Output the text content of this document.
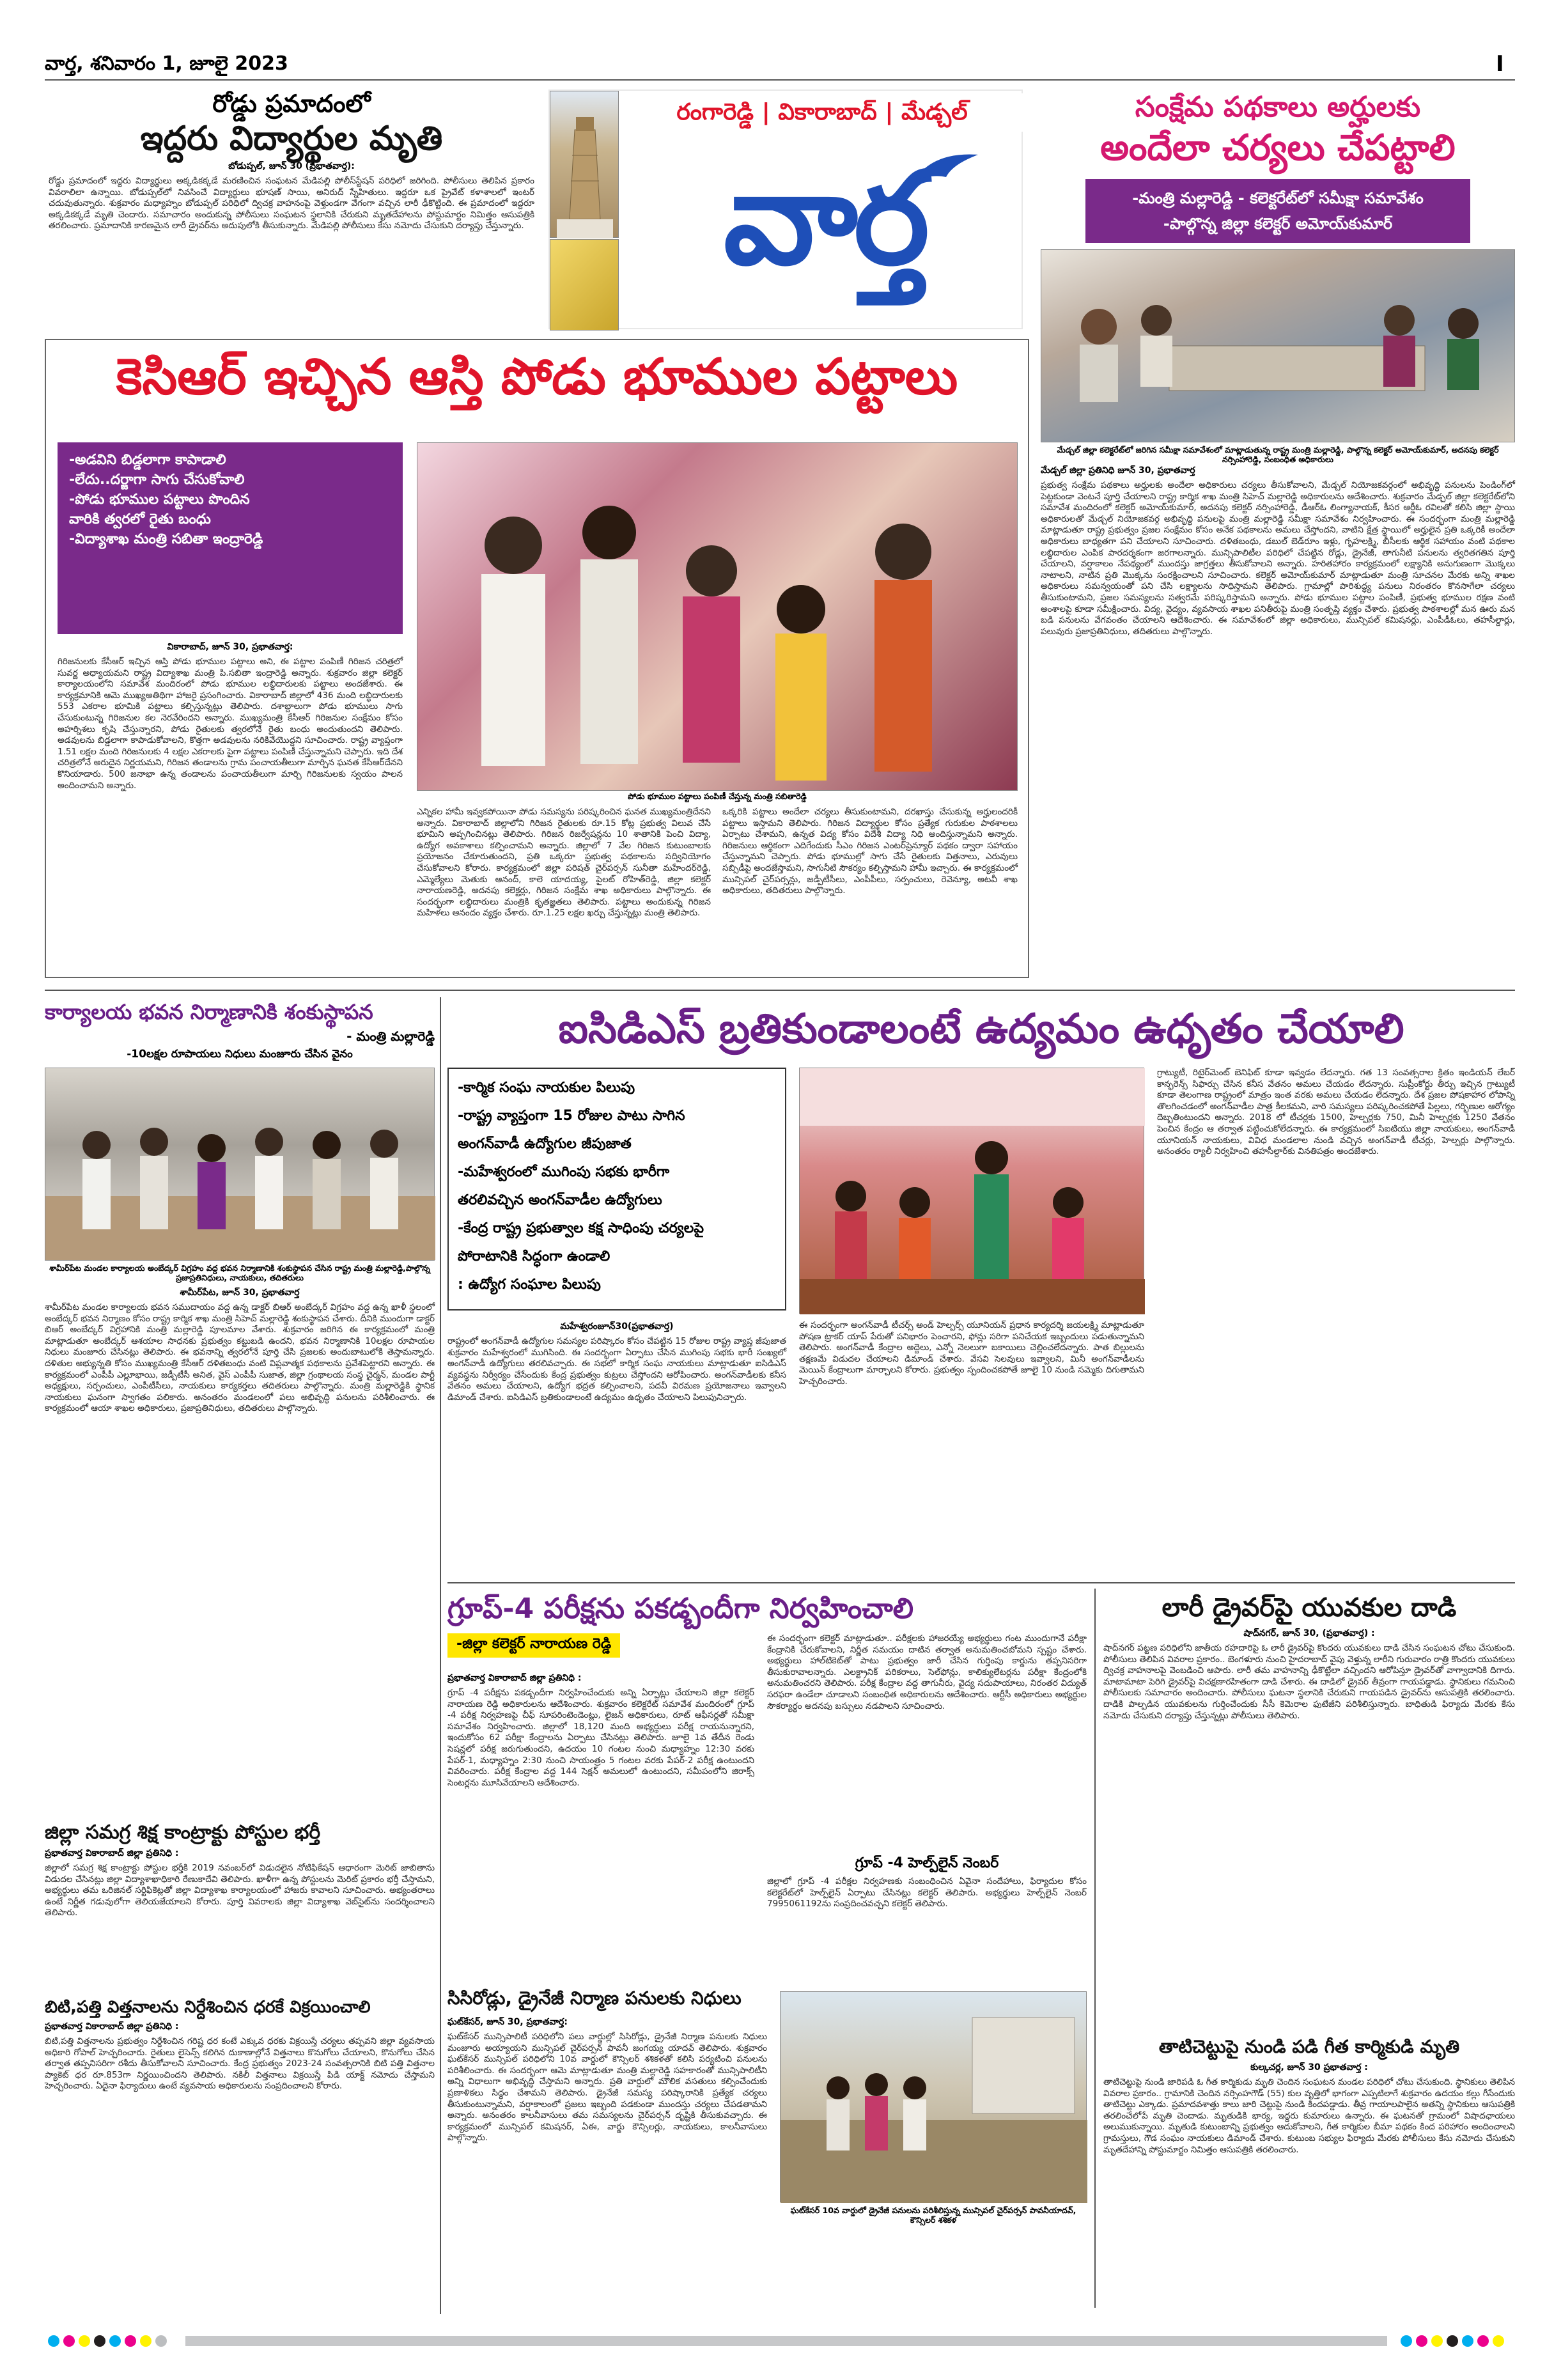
వార్త, శనివారం 1, జూలై 2023	I
రోడ్డు ప్రమాదంలో
ఇద్దరు విద్యార్థుల మృతి
బోడుప్పల్, జూన్ 30 (ప్రభాతవార్త):
రోడ్డు ప్రమాదంలో ఇద్దరు విద్యార్థులు అక్కడికక్కడే మరణించిన సంఘటన మేడిపల్లి పోలీస్‌స్టేషన్ పరిధిలో జరిగింది. పోలీసులు తెలిపిన ప్రకారం వివరాలిలా ఉన్నాయి. బోడుప్పల్‌లో నివసించే విద్యార్థులు భూషణ్ సాయి, అనిరుద్ స్నేహితులు. ఇద్దరూ ఒక ప్రైవేట్ కళాశాలలో ఇంటర్ చదువుతున్నారు. శుక్రవారం మధ్యాహ్నం బోడుప్పల్ పరిధిలో ద్విచక్ర వాహనంపై వెళ్తుండగా వేగంగా వచ్చిన లారీ ఢీకొట్టింది. ఈ ప్రమాదంలో ఇద్దరూ అక్కడికక్కడే మృతి చెందారు. సమాచారం అందుకున్న పోలీసులు సంఘటన స్థలానికి చేరుకుని మృతదేహాలను పోస్టుమార్టం నిమిత్తం ఆసుపత్రికి తరలించారు. ప్రమాదానికి కారణమైన లారీ డ్రైవర్‌ను అదుపులోకి తీసుకున్నారు. మేడిపల్లి పోలీసులు కేసు నమోదు చేసుకుని దర్యాప్తు చేస్తున్నారు.
రంగారెడ్డి | వికారాబాద్ | మేడ్చల్
వార్త
సంక్షేమ పథకాలు అర్హులకు
అందేలా చర్యలు చేపట్టాలి
-మంత్రి మల్లారెడ్డి - కలెక్టరేట్‌లో సమీక్షా సమావేశం
-పాల్గొన్న జిల్లా కలెక్టర్ అమోయ్‌కుమార్
మేడ్చల్ జిల్లా కలెక్టరేట్‌లో జరిగిన సమీక్షా సమావేశంలో మాట్లాడుతున్న రాష్ట్ర మంత్రి మల్లారెడ్డి, పాల్గొన్న కలెక్టర్ అమోయ్‌కుమార్, అదనపు కలెక్టర్ నర్సింహారెడ్డి, సంబంధిత అధికారులు
మేడ్చల్ జిల్లా ప్రతినిధి జూన్ 30, ప్రభాతవార్త
ప్రభుత్వ సంక్షేమ పథకాలు అర్హులకు అందేలా అధికారులు చర్యలు తీసుకోవాలని, మేడ్చల్ నియోజకవర్గంలో అభివృద్ధి పనులను పెండింగ్‌లో పెట్టకుండా వెంటనే పూర్తి చేయాలని రాష్ట్ర కార్మిక శాఖ మంత్రి సిహెచ్ మల్లారెడ్డి అధికారులను ఆదేశించారు. శుక్రవారం మేడ్చల్ జిల్లా కలెక్టరేట్‌లోని సమావేశ మందిరంలో కలెక్టర్ అమోయ్‌కుమార్, అదనపు కలెక్టర్ నర్సింహారెడ్డి, డీఆర్‌ఓ లింగ్యానాయక్, కీసర ఆర్డీఓ రవిలతో కలిసి జిల్లా స్థాయి అధికారులతో మేడ్చల్ నియోజకవర్గ అభివృద్ధి పనులపై మంత్రి మల్లారెడ్డి సమీక్షా సమావేశం నిర్వహించారు. ఈ సందర్భంగా మంత్రి మల్లారెడ్డి మాట్లాడుతూ రాష్ట్ర ప్రభుత్వం ప్రజల సంక్షేమం కోసం అనేక పథకాలను అమలు చేస్తోందని, వాటిని క్షేత్ర స్థాయిలో అర్హులైన ప్రతి ఒక్కరికీ అందేలా అధికారులు బాధ్యతగా పని చేయాలని సూచించారు. దళితబంధు, డబుల్ బెడ్‌రూం ఇళ్లు, గృహలక్ష్మి, బీసీలకు ఆర్థిక సహాయం వంటి పథకాల లబ్ధిదారుల ఎంపిక పారదర్శకంగా జరగాలన్నారు. మున్సిపాలిటీల పరిధిలో చేపట్టిన రోడ్లు, డ్రైనేజీ, తాగునీటి పనులను త్వరితగతిన పూర్తి చేయాలని, వర్షాకాలం నేపథ్యంలో ముందస్తు జాగ్రత్తలు తీసుకోవాలని అన్నారు. హరితహారం కార్యక్రమంలో లక్ష్యానికి అనుగుణంగా మొక్కలు నాటాలని, నాటిన ప్రతి మొక్కను సంరక్షించాలని సూచించారు. కలెక్టర్ అమోయ్‌కుమార్ మాట్లాడుతూ మంత్రి సూచనల మేరకు అన్ని శాఖల అధికారులు సమన్వయంతో పని చేసి లక్ష్యాలను సాధిస్తామని తెలిపారు. గ్రామాల్లో పారిశుద్ధ్య పనులు నిరంతరం కొనసాగేలా చర్యలు తీసుకుంటామని, ప్రజల సమస్యలను సత్వరమే పరిష్కరిస్తామని అన్నారు. పోడు భూముల పట్టాల పంపిణీ, ప్రభుత్వ భూముల రక్షణ వంటి అంశాలపై కూడా సమీక్షించారు. విద్య, వైద్యం, వ్యవసాయ శాఖల పనితీరుపై మంత్రి సంతృప్తి వ్యక్తం చేశారు. ప్రభుత్వ పాఠశాలల్లో మన ఊరు మన బడి పనులను వేగవంతం చేయాలని ఆదేశించారు. ఈ సమావేశంలో జిల్లా అధికారులు, మున్సిపల్ కమిషనర్లు, ఎంపీడీఓలు, తహసీల్దార్లు, పలువురు ప్రజాప్రతినిధులు, తదితరులు పాల్గొన్నారు.
కెసిఆర్ ఇచ్చిన ఆస్తి పోడు భూముల పట్టాలు
-అడవిని బిడ్డలాగా కాపాడాలి
-లేదు..దర్జాగా సాగు చేసుకోవాలి
-పోడు భూముల పట్టాలు పొందిన
వారికి త్వరలో రైతు బంధు
-విద్యాశాఖ మంత్రి సబితా ఇంద్రారెడ్డి
పోడు భూముల పట్టాలు పంపిణీ చేస్తున్న మంత్రి సబితారెడ్డి
వికారాబాద్, జూన్ 30, ప్రభాతవార్త:
గిరిజనులకు కేసీఆర్ ఇచ్చిన ఆస్తి పోడు భూముల పట్టాలు అని, ఈ పట్టాల పంపిణీ గిరిజన చరిత్రలో సువర్ణ అధ్యాయమని రాష్ట్ర విద్యాశాఖ మంత్రి పి.సబితా ఇంద్రారెడ్డి అన్నారు. శుక్రవారం జిల్లా కలెక్టర్ కార్యాలయంలోని సమావేశ మందిరంలో పోడు భూముల లబ్ధిదారులకు పట్టాలు అందజేశారు. ఈ కార్యక్రమానికి ఆమె ముఖ్యఅతిథిగా హాజరై ప్రసంగించారు. వికారాబాద్ జిల్లాలో 436 మంది లబ్ధిదారులకు 553 ఎకరాల భూమికి పట్టాలు కల్పిస్తున్నట్లు తెలిపారు. దశాబ్దాలుగా పోడు భూములు సాగు చేసుకుంటున్న గిరిజనుల కల నెరవేరిందని అన్నారు. ముఖ్యమంత్రి కేసీఆర్ గిరిజనుల సంక్షేమం కోసం అహర్నిశలు కృషి చేస్తున్నారని, పోడు రైతులకు త్వరలోనే రైతు బంధు అందుతుందని తెలిపారు. అడవులను బిడ్డలాగా కాపాడుకోవాలని, కొత్తగా అడవులను నరికివేయొద్దని సూచించారు. రాష్ట్ర వ్యాప్తంగా 1.51 లక్షల మంది గిరిజనులకు 4 లక్షల ఎకరాలకు పైగా పట్టాలు పంపిణీ చేస్తున్నామని చెప్పారు. ఇది దేశ చరిత్రలోనే అరుదైన నిర్ణయమని, గిరిజన తండాలను గ్రామ పంచాయతీలుగా మార్చిన ఘనత కేసీఆర్‌దేనని కొనియాడారు. 500 జనాభా ఉన్న తండాలను పంచాయతీలుగా మార్చి గిరిజనులకు స్వయం పాలన అందించామని అన్నారు.
ఎన్నికల హామీ ఇవ్వకపోయినా పోడు సమస్యను పరిష్కరించిన ఘనత ముఖ్యమంత్రిదేనని అన్నారు. వికారాబాద్ జిల్లాలోని గిరిజన రైతులకు రూ.15 కోట్ల ప్రభుత్వ విలువ చేసే భూమిని అప్పగించినట్లు తెలిపారు. గిరిజన రిజర్వేషన్లను 10 శాతానికి పెంచి విద్యా, ఉద్యోగ అవకాశాలు కల్పించామని అన్నారు. జిల్లాలో 7 వేల గిరిజన కుటుంబాలకు ప్రయోజనం చేకూరుతుందని, ప్రతి ఒక్కరూ ప్రభుత్వ పథకాలను సద్వినియోగం చేసుకోవాలని కోరారు. కార్యక్రమంలో జిల్లా పరిషత్ చైర్‌పర్సన్ సునీతా మహేందర్‌రెడ్డి, ఎమ్మెల్యేలు మెతుకు ఆనంద్, కాలె యాదయ్య, పైలట్ రోహిత్‌రెడ్డి, జిల్లా కలెక్టర్ నారాయణరెడ్డి, అదనపు కలెక్టర్లు, గిరిజన సంక్షేమ శాఖ అధికారులు పాల్గొన్నారు. ఈ సందర్భంగా లబ్ధిదారులు మంత్రికి కృతజ్ఞతలు తెలిపారు. పట్టాలు అందుకున్న గిరిజన మహిళలు ఆనందం వ్యక్తం చేశారు. రూ.1.25 లక్షల ఖర్చు చేస్తున్నట్లు మంత్రి తెలిపారు.
ఒక్కరికి పట్టాలు అందేలా చర్యలు తీసుకుంటామని, దరఖాస్తు చేసుకున్న అర్హులందరికీ పట్టాలు ఇస్తామని తెలిపారు. గిరిజన విద్యార్థుల కోసం ప్రత్యేక గురుకుల పాఠశాలలు ఏర్పాటు చేశామని, ఉన్నత విద్య కోసం విదేశీ విద్యా నిధి అందిస్తున్నామని అన్నారు. గిరిజనులు ఆర్థికంగా ఎదిగేందుకు సీఎం గిరిజన ఎంటర్‌ప్రెన్యూర్ పథకం ద్వారా సహాయం చేస్తున్నామని చెప్పారు. పోడు భూముల్లో సాగు చేసే రైతులకు విత్తనాలు, ఎరువులు సబ్సిడీపై అందజేస్తామని, సాగునీటి సౌకర్యం కల్పిస్తామని హామీ ఇచ్చారు. ఈ కార్యక్రమంలో మున్సిపల్ చైర్‌పర్సన్లు, జడ్పీటీసీలు, ఎంపీపీలు, సర్పంచులు, రెవెన్యూ, అటవీ శాఖ అధికారులు, తదితరులు పాల్గొన్నారు.
కార్యాలయ భవన నిర్మాణానికి శంకుస్థాపన
- మంత్రి మల్లారెడ్డి
-10లక్షల రూపాయలు నిధులు మంజూరు చేసిన వైనం
శామీర్‌పేట మండల కార్యాలయ అంబేద్కర్ విగ్రహం వద్ద భవన నిర్మాణానికి శంకుస్థాపన చేసిన రాష్ట్ర మంత్రి మల్లారెడ్డి,పాల్గొన్న ప్రజాప్రతినిధులు, నాయకులు, తదితరులు
శామీర్‌పేట, జూన్ 30, ప్రభాతవార్త
శామీర్‌పేట మండల కార్యాలయ భవన సముదాయం వద్ద ఉన్న డాక్టర్ బిఆర్ అంబేద్కర్ విగ్రహం వద్ద ఉన్న ఖాళీ స్థలంలో అంబేద్కర్ భవన నిర్మాణం కోసం రాష్ట్ర కార్మిక శాఖ మంత్రి సిహెచ్ మల్లారెడ్డి శంకుస్థాపన చేశారు. దీనికి ముందుగా డాక్టర్ బిఆర్ అంబేద్కర్ విగ్రహానికి మంత్రి మల్లారెడ్డి పూలమాల వేశారు. శుక్రవారం జరిగిన ఈ కార్యక్రమంలో మంత్రి మాట్లాడుతూ అంబేద్కర్ ఆశయాల సాధనకు ప్రభుత్వం కట్టుబడి ఉందని, భవన నిర్మాణానికి 10లక్షల రూపాయల నిధులు మంజూరు చేసినట్లు తెలిపారు. ఈ భవనాన్ని త్వరలోనే పూర్తి చేసి ప్రజలకు అందుబాటులోకి తెస్తామన్నారు. దళితుల అభ్యున్నతి కోసం ముఖ్యమంత్రి కేసీఆర్ దళితబంధు వంటి విప్లవాత్మక పథకాలను ప్రవేశపెట్టారని అన్నారు. ఈ కార్యక్రమంలో ఎంపీపీ ఎల్లూభాయి, జడ్పీటీసీ అనిత, వైస్ ఎంపీపీ సుజాత, జిల్లా గ్రంథాలయ సంస్థ చైర్మన్, మండల పార్టీ అధ్యక్షులు, సర్పంచులు, ఎంపీటీసీలు, నాయకులు కార్యకర్తలు తదితరులు పాల్గొన్నారు. మంత్రి మల్లారెడ్డికి స్థానిక నాయకులు ఘనంగా స్వాగతం పలికారు. అనంతరం మండలంలో పలు అభివృద్ధి పనులను పరిశీలించారు. ఈ కార్యక్రమంలో ఆయా శాఖల అధికారులు, ప్రజాప్రతినిధులు, తదితరులు పాల్గొన్నారు.
జిల్లా సమగ్ర శిక్ష కాంట్రాక్టు పోస్టుల భర్తీ
ప్రభాతవార్త వికారాబాద్ జిల్లా ప్రతినిధి :
జిల్లాలో సమగ్ర శిక్ష కాంట్రాక్టు పోస్టుల భర్తీకి 2019 నవంబర్‌లో విడుదలైన నోటిఫికేషన్ ఆధారంగా మెరిట్ జాబితాను విడుదల చేసినట్లు జిల్లా విద్యాశాఖాధికారి రేణుకాదేవి తెలిపారు. ఖాళీగా ఉన్న పోస్టులను మెరిట్ ప్రకారం భర్తీ చేస్తామని, అభ్యర్థులు తమ ఒరిజినల్ సర్టిఫికెట్లతో జిల్లా విద్యాశాఖ కార్యాలయంలో హాజరు కావాలని సూచించారు. అభ్యంతరాలు ఉంటే నిర్ణీత గడువులోగా తెలియజేయాలని కోరారు. పూర్తి వివరాలకు జిల్లా విద్యాశాఖ వెబ్‌సైట్‌ను సందర్శించాలని తెలిపారు.
బిటి,పత్తి విత్తనాలను నిర్దేశించిన ధరకే విక్రయించాలి
ప్రభాతవార్త వికారాబాద్ జిల్లా ప్రతినిధి :
బిటి,పత్తి విత్తనాలను ప్రభుత్వం నిర్దేశించిన గరిష్ట ధర కంటే ఎక్కువ ధరకు విక్రయిస్తే చర్యలు తప్పవని జిల్లా వ్యవసాయ అధికారి గోపాల్ హెచ్చరించారు. రైతులు లైసెన్స్ కలిగిన దుకాణాల్లోనే విత్తనాలు కొనుగోలు చేయాలని, కొనుగోలు చేసిన తర్వాత తప్పనిసరిగా రశీదు తీసుకోవాలని సూచించారు. కేంద్ర ప్రభుత్వం 2023-24 సంవత్సరానికి బిటి పత్తి విత్తనాల ప్యాకెట్ ధర రూ.853గా నిర్ణయించిందని తెలిపారు. నకిలీ విత్తనాలు విక్రయిస్తే పిడి యాక్ట్ నమోదు చేస్తామని హెచ్చరించారు. ఏదైనా ఫిర్యాదులు ఉంటే వ్యవసాయ అధికారులను సంప్రదించాలని కోరారు.
ఐసిడిఎస్ బ్రతికుండాలంటే ఉద్యమం ఉధృతం చేయాలి
-కార్మిక సంఘ నాయకుల పిలుపు
-రాష్ట్ర వ్యాప్తంగా 15 రోజుల పాటు సాగిన
అంగన్‌వాడీ ఉద్యోగుల జీపుజాత
-మహేశ్వరంలో ముగింపు సభకు భారీగా
తరలివచ్చిన అంగన్‌వాడీల ఉద్యోగులు
-కేంద్ర రాష్ట్ర ప్రభుత్వాల కక్ష సాధింపు చర్యలపై
పోరాటానికి సిద్ధంగా ఉండాలి
: ఉద్యోగ సంఘాల పిలుపు
మహేశ్వరంజూన్30(ప్రభాతవార్త)
రాష్ట్రంలో అంగన్‌వాడీ ఉద్యోగుల సమస్యల పరిష్కారం కోసం చేపట్టిన 15 రోజుల రాష్ట్ర వ్యాప్త జీపుజాత శుక్రవారం మహేశ్వరంలో ముగిసింది. ఈ సందర్భంగా ఏర్పాటు చేసిన ముగింపు సభకు భారీ సంఖ్యలో అంగన్‌వాడీ ఉద్యోగులు తరలివచ్చారు. ఈ సభలో కార్మిక సంఘ నాయకులు మాట్లాడుతూ ఐసిడిఎస్ వ్యవస్థను నిర్వీర్యం చేసేందుకు కేంద్ర ప్రభుత్వం కుట్రలు చేస్తోందని ఆరోపించారు. అంగన్‌వాడీలకు కనీస వేతనం అమలు చేయాలని, ఉద్యోగ భద్రత కల్పించాలని, పదవీ విరమణ ప్రయోజనాలు ఇవ్వాలని డిమాండ్ చేశారు. ఐసిడిఎస్ బ్రతికుండాలంటే ఉద్యమం ఉధృతం చేయాలని పిలుపునిచ్చారు.
ఈ సందర్భంగా అంగన్‌వాడీ టీచర్స్ అండ్ హెల్పర్స్ యూనియన్ ప్రధాన కార్యదర్శి జయలక్ష్మి మాట్లాడుతూ పోషణ ట్రాకర్ యాప్ పేరుతో పనిభారం పెంచారని, ఫోన్లు సరిగా పనిచేయక ఇబ్బందులు పడుతున్నామని తెలిపారు. అంగన్‌వాడీ కేంద్రాల అద్దెలు, ఎన్నో నెలలుగా బకాయిలు చెల్లించలేదన్నారు. పాత బిల్లులను తక్షణమే విడుదల చేయాలని డిమాండ్ చేశారు. వేసవి సెలవులు ఇవ్వాలని, మినీ అంగన్‌వాడీలను మెయిన్ కేంద్రాలుగా మార్చాలని కోరారు. ప్రభుత్వం స్పందించకపోతే జూలై 10 నుండి సమ్మెకు దిగుతామని హెచ్చరించారు.
గ్రాట్యుటీ, రిటైర్‌మెంట్ బెనిఫిట్ కూడా ఇవ్వడం లేదన్నారు. గత 13 సంవత్సరాల క్రితం ఇండియన్ లేబర్ కాన్ఫరెన్స్ సిఫార్సు చేసిన కనీస వేతనం అమలు చేయడం లేదన్నారు. సుప్రీంకోర్టు తీర్పు ఇచ్చిన గ్రాట్యుటీ కూడా తెలంగాణ రాష్ట్రంలో మాత్రం ఇంత వరకు అమలు చేయడం లేదన్నారు. దేశ ప్రజల పోషకాహార లోపాన్ని తొలగించడంలో అంగన్‌వాడీల పాత్ర కీలకమని, వారి సమస్యలు పరిష్కరించకపోతే పిల్లలు, గర్భిణుల ఆరోగ్యం దెబ్బతింటుందని అన్నారు. 2018 లో టీచర్లకు 1500, హెల్పర్లకు 750, మినీ హెల్పర్లకు 1250 వేతనం పెంచిన కేంద్రం ఆ తర్వాత పట్టించుకోలేదన్నారు. ఈ కార్యక్రమంలో సిఐటియు జిల్లా నాయకులు, అంగన్‌వాడీ యూనియన్ నాయకులు, వివిధ మండలాల నుండి వచ్చిన అంగన్‌వాడీ టీచర్లు, హెల్పర్లు పాల్గొన్నారు. అనంతరం ర్యాలీ నిర్వహించి తహసీల్దార్‌కు వినతిపత్రం అందజేశారు.
గ్రూప్-4 పరీక్షను పకడ్బందీగా నిర్వహించాలి
-జిల్లా కలెక్టర్ నారాయణ రెడ్డి
ప్రభాతవార్త వికారాబాద్ జిల్లా ప్రతినిధి :
గ్రూప్ -4 పరీక్షను పకడ్బందీగా నిర్వహించేందుకు అన్ని ఏర్పాట్లు చేయాలని జిల్లా కలెక్టర్ నారాయణ రెడ్డి అధికారులను ఆదేశించారు. శుక్రవారం కలెక్టరేట్ సమావేశ మందిరంలో గ్రూప్ -4 పరీక్ష నిర్వహణపై చీఫ్ సూపరింటెండెంట్లు, లైజన్ అధికారులు, రూట్ ఆఫీసర్లతో సమీక్షా సమావేశం నిర్వహించారు. జిల్లాలో 18,120 మంది అభ్యర్థులు పరీక్ష రాయనున్నారని, ఇందుకోసం 62 పరీక్షా కేంద్రాలను ఏర్పాటు చేసినట్లు తెలిపారు. జూలై 1వ తేదీన రెండు సెషన్లలో పరీక్ష జరుగుతుందని, ఉదయం 10 గంటల నుంచి మధ్యాహ్నం 12:30 వరకు పేపర్-1, మధ్యాహ్నం 2:30 నుంచి సాయంత్రం 5 గంటల వరకు పేపర్-2 పరీక్ష ఉంటుందని వివరించారు. పరీక్ష కేంద్రాల వద్ద 144 సెక్షన్ అమలులో ఉంటుందని, సమీపంలోని జిరాక్స్ సెంటర్లను మూసివేయాలని ఆదేశించారు.
ఈ సందర్భంగా కలెక్టర్ మాట్లాడుతూ.. పరీక్షలకు హాజరయ్యే అభ్యర్థులు గంట ముందుగానే పరీక్షా కేంద్రానికి చేరుకోవాలని, నిర్ణీత సమయం దాటిన తర్వాత అనుమతించబోమని స్పష్టం చేశారు. అభ్యర్థులు హాల్‌టికెట్‌తో పాటు ప్రభుత్వం జారీ చేసిన గుర్తింపు కార్డును తప్పనిసరిగా తీసుకురావాలన్నారు. ఎలక్ట్రానిక్ పరికరాలు, సెల్‌ఫోన్లు, కాలిక్యులేటర్లను పరీక్షా కేంద్రంలోకి అనుమతించరని తెలిపారు. పరీక్ష కేంద్రాల వద్ద తాగునీరు, వైద్య సదుపాయాలు, నిరంతర విద్యుత్ సరఫరా ఉండేలా చూడాలని సంబంధిత అధికారులను ఆదేశించారు. ఆర్టీసీ అధికారులు అభ్యర్థుల సౌకర్యార్థం అదనపు బస్సులు నడపాలని సూచించారు.
గ్రూప్ -4 హెల్ప్‌లైన్ నెంబర్
జిల్లాలో గ్రూప్ -4 పరీక్షల నిర్వహణకు సంబంధించిన ఏవైనా సందేహాలు, ఫిర్యాదుల కోసం కలెక్టరేట్‌లో హెల్ప్‌లైన్ ఏర్పాటు చేసినట్లు కలెక్టర్ తెలిపారు. అభ్యర్థులు హెల్ప్‌లైన్ నెంబర్ 7995061192ను సంప్రదించవచ్చని కలెక్టర్ తెలిపారు.
సిసిరోడ్లు, డ్రైనేజీ నిర్మాణ పనులకు నిధులు
ఘట్‌కేసర్, జూన్ 30, ప్రభాతవార్త:
ఘట్‌కేసర్ మున్సిపాలిటీ పరిధిలోని పలు వార్డుల్లో సిసిరోడ్లు, డ్రైనేజీ నిర్మాణ పనులకు నిధులు మంజూరు అయ్యాయని మున్సిపల్ చైర్‌పర్సన్ పావనీ జంగయ్య యాదవ్ తెలిపారు. శుక్రవారం ఘట్‌కేసర్ మున్సిపల్ పరిధిలోని 10వ వార్డులో కౌన్సిలర్ శశికళతో కలిసి పర్యటించి పనులను పరిశీలించారు. ఈ సందర్భంగా ఆమె మాట్లాడుతూ మంత్రి మల్లారెడ్డి సహకారంతో మున్సిపాలిటీని అన్ని విధాలుగా అభివృద్ధి చేస్తామని అన్నారు. ప్రతి వార్డులో మౌలిక వసతులు కల్పించేందుకు ప్రణాళికలు సిద్ధం చేశామని తెలిపారు. డ్రైనేజీ సమస్య పరిష్కారానికి ప్రత్యేక చర్యలు తీసుకుంటున్నామని, వర్షాకాలంలో ప్రజలు ఇబ్బంది పడకుండా ముందస్తు చర్యలు చేపడతామని అన్నారు. అనంతరం కాలనీవాసులు తమ సమస్యలను చైర్‌పర్సన్ దృష్టికి తీసుకువచ్చారు. ఈ కార్యక్రమంలో మున్సిపల్ కమిషనర్, ఏఈ, వార్డు కౌన్సిలర్లు, నాయకులు, కాలనీవాసులు పాల్గొన్నారు.
ఘట్‌కేసర్ 10వ వార్డులో డ్రైనేజీ పనులను పరిశీలిస్తున్న మున్సిపల్ చైర్‌పర్సన్ పావనీయాదవ్, కౌన్సిలర్ శశికళ
లారీ డ్రైవర్‌పై యువకుల దాడి
షాద్‌నగర్, జూన్ 30, (ప్రభాతవార్త) :
షాద్‌నగర్ పట్టణ పరిధిలోని జాతీయ రహదారిపై ఓ లారీ డ్రైవర్‌పై కొందరు యువకులు దాడి చేసిన సంఘటన చోటు చేసుకుంది. పోలీసులు తెలిపిన వివరాల ప్రకారం.. బెంగళూరు నుంచి హైదరాబాద్ వైపు వెళ్తున్న లారీని గురువారం రాత్రి కొందరు యువకులు ద్విచక్ర వాహనాలపై వెంబడించి ఆపారు. లారీ తమ వాహనాన్ని ఢీకొట్టేలా వచ్చిందని ఆరోపిస్తూ డ్రైవర్‌తో వాగ్వాదానికి దిగారు. మాటామాటా పెరిగి డ్రైవర్‌పై విచక్షణారహితంగా దాడి చేశారు. ఈ దాడిలో డ్రైవర్ తీవ్రంగా గాయపడ్డాడు. స్థానికులు గమనించి పోలీసులకు సమాచారం అందించారు. పోలీసులు ఘటనా స్థలానికి చేరుకుని గాయపడిన డ్రైవర్‌ను ఆసుపత్రికి తరలించారు. దాడికి పాల్పడిన యువకులను గుర్తించేందుకు సీసీ కెమెరాల ఫుటేజీని పరిశీలిస్తున్నారు. బాధితుడి ఫిర్యాదు మేరకు కేసు నమోదు చేసుకుని దర్యాప్తు చేస్తున్నట్లు పోలీసులు తెలిపారు.
తాటిచెట్టుపై నుండి పడి గీత కార్మికుడి మృతి
కుల్కచర్ల, జూన్ 30 ప్రభాతవార్త :
తాటిచెట్టుపై నుండి జారిపడి ఓ గీత కార్మికుడు మృతి చెందిన సంఘటన మండల పరిధిలో చోటు చేసుకుంది. స్థానికులు తెలిపిన వివరాల ప్రకారం.. గ్రామానికి చెందిన నర్సింహగౌడ్ (55) కుల వృత్తిలో భాగంగా ఎప్పటిలాగే శుక్రవారం ఉదయం కల్లు గీసేందుకు తాటిచెట్టు ఎక్కాడు. ప్రమాదవశాత్తు కాలు జారి చెట్టుపై నుండి కిందపడ్డాడు. తీవ్ర గాయాలపాలైన అతన్ని స్థానికులు ఆసుపత్రికి తరలించేలోపే మృతి చెందాడు. మృతుడికి భార్య, ఇద్దరు కుమారులు ఉన్నారు. ఈ ఘటనతో గ్రామంలో విషాదఛాయలు అలుముకున్నాయి. మృతుడి కుటుంబాన్ని ప్రభుత్వం ఆదుకోవాలని, గీత కార్మికుల బీమా పథకం కింద పరిహారం అందించాలని గ్రామస్తులు, గౌడ సంఘం నాయకులు డిమాండ్ చేశారు. కుటుంబ సభ్యుల ఫిర్యాదు మేరకు పోలీసులు కేసు నమోదు చేసుకుని మృతదేహాన్ని పోస్టుమార్టం నిమిత్తం ఆసుపత్రికి తరలించారు.
